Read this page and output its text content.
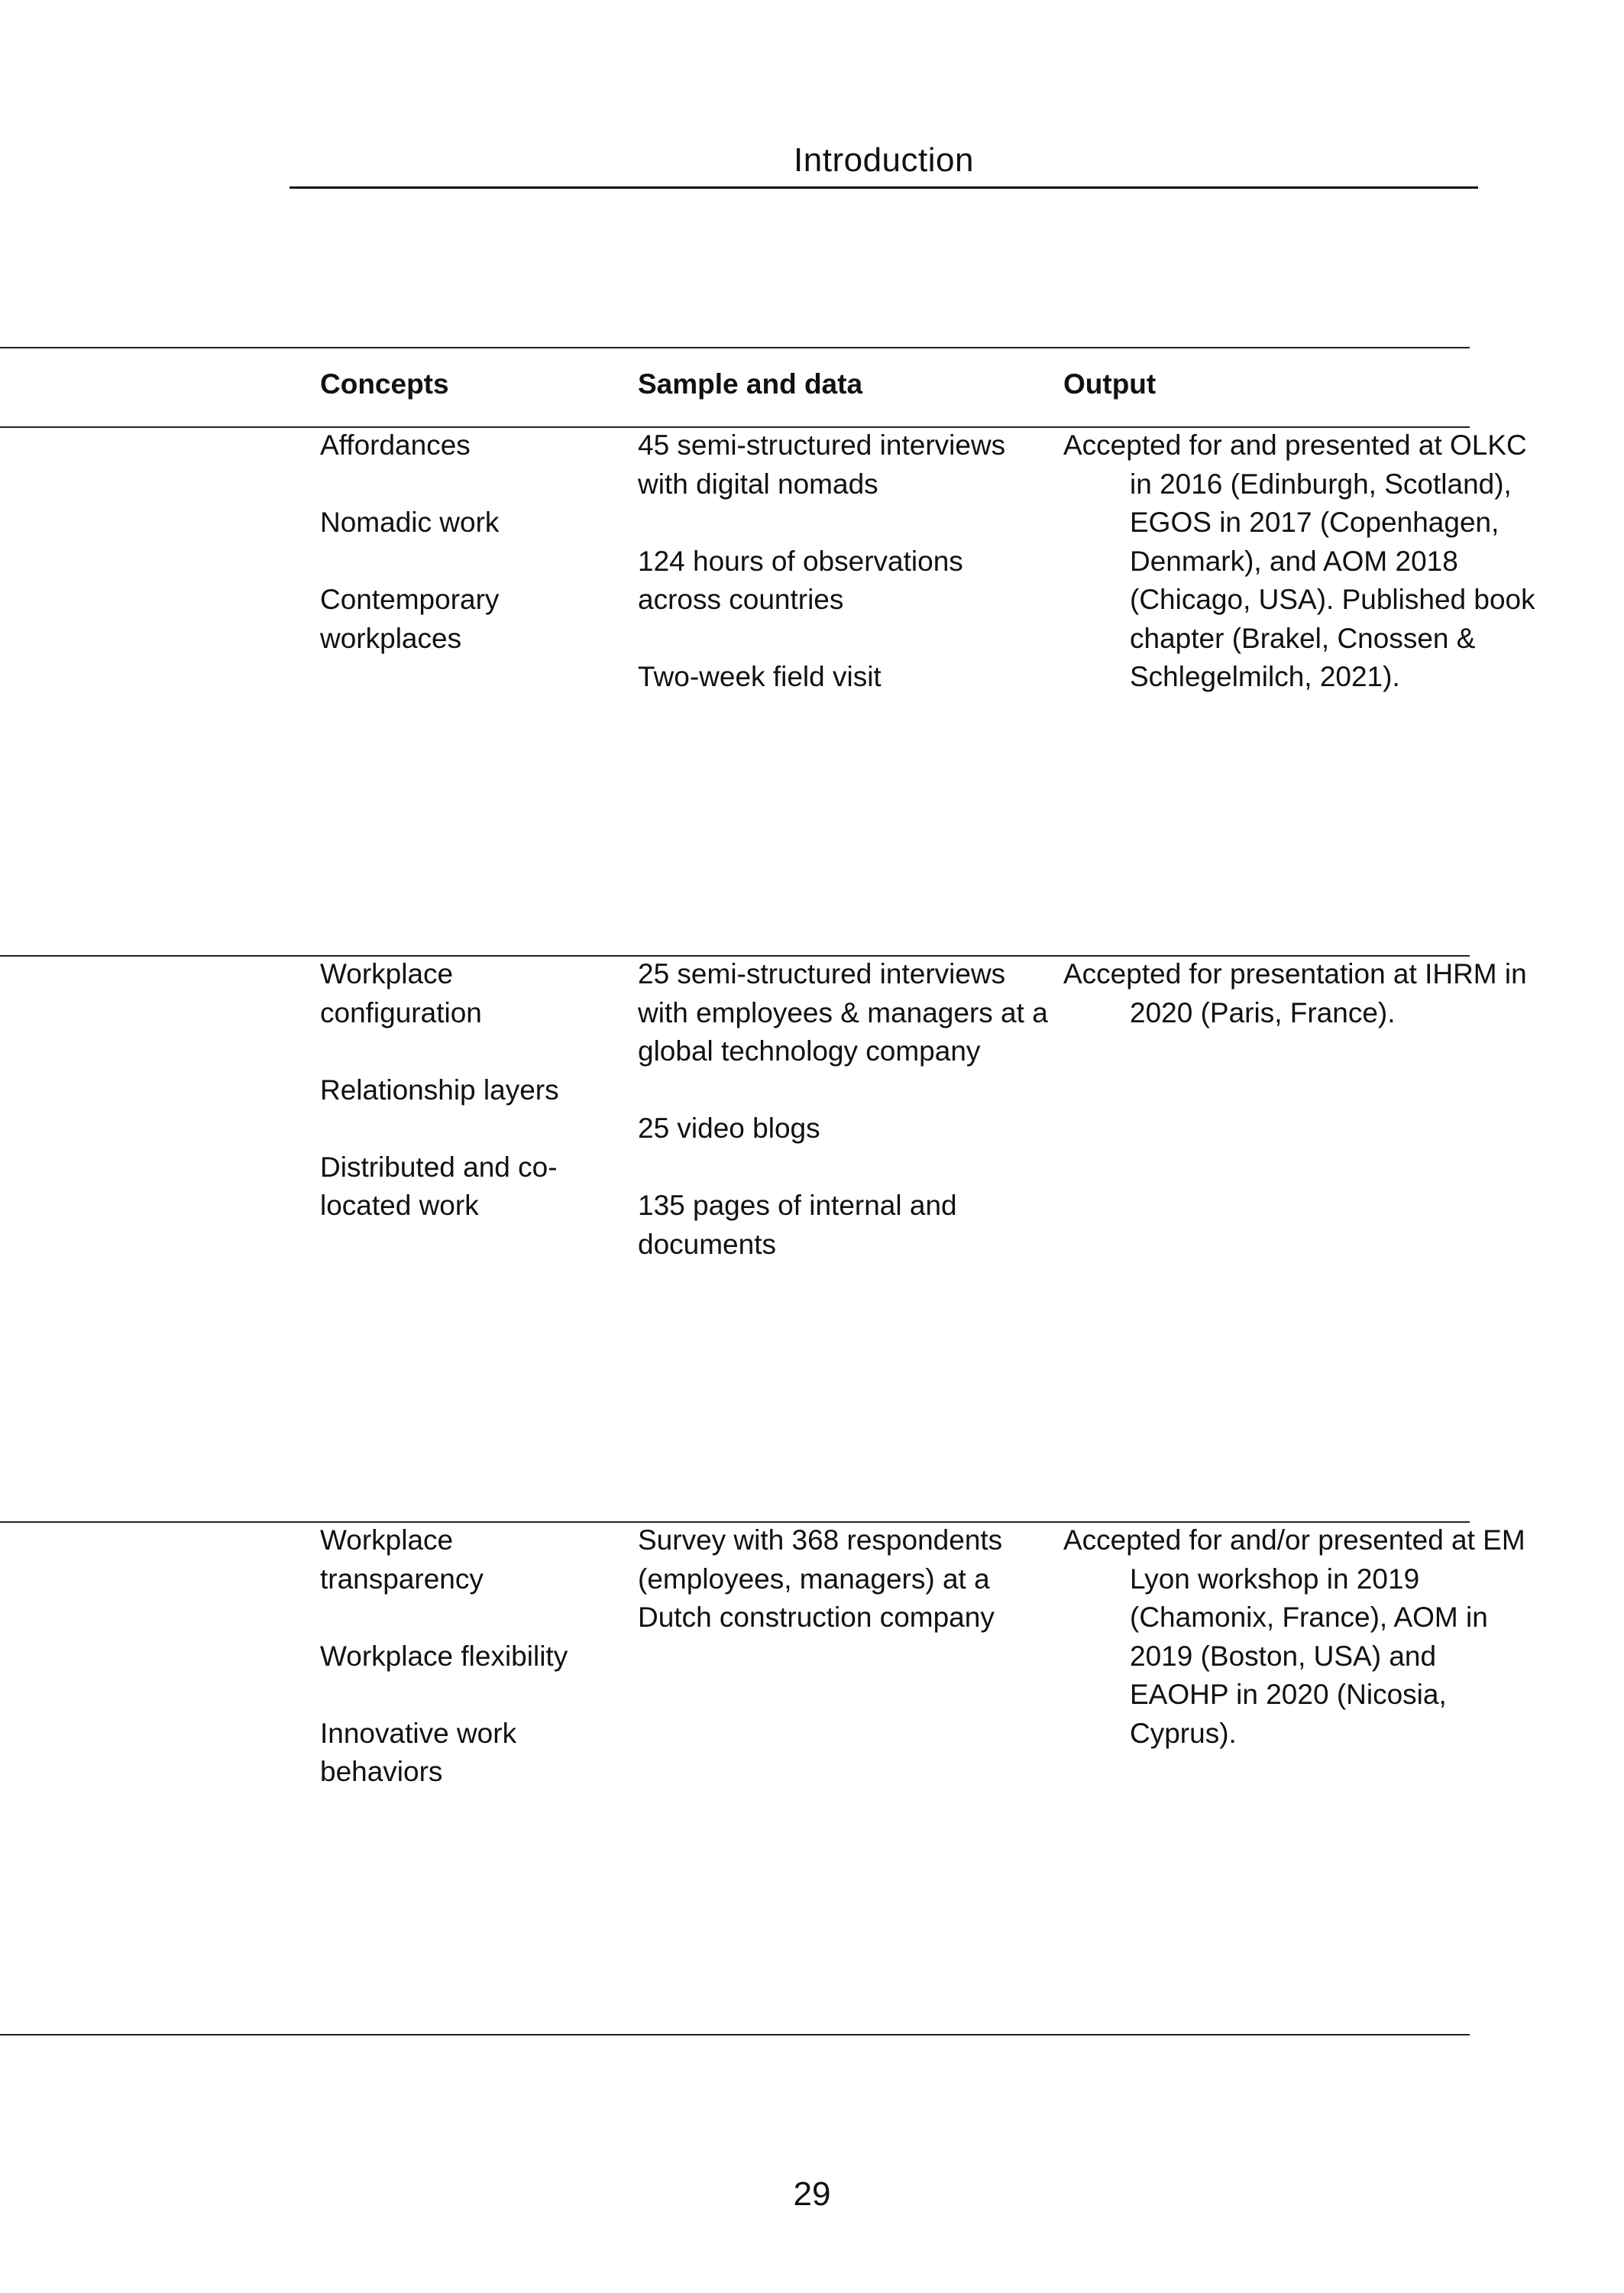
Introduction
Concepts	Sample and data	Output
Affordances
Nomadic work
Contemporary workplaces
45 semi-structured interviews with digital nomads
124 hours of observations across countries
Two-week field visit
Accepted for and presented at OLKC in 2016 (Edinburgh, Scotland), EGOS in 2017 (Copenhagen, Denmark), and AOM 2018 (Chicago, USA). Published book chapter (Brakel, Cnossen & Schlegelmilch, 2021).
Workplace configuration
Relationship layers
Distributed and co-located work
25 semi-structured interviews with employees & managers at a global technology company
25 video blogs
135 pages of internal and documents
Accepted for presentation at IHRM in 2020 (Paris, France).
Workplace transparency
Workplace flexibility
Innovative work behaviors
Survey with 368 respondents (employees, managers) at a Dutch construction company
Accepted for and/or presented at EM Lyon workshop in 2019 (Chamonix, France), AOM in 2019 (Boston, USA) and EAOHP in 2020 (Nicosia, Cyprus).
29
